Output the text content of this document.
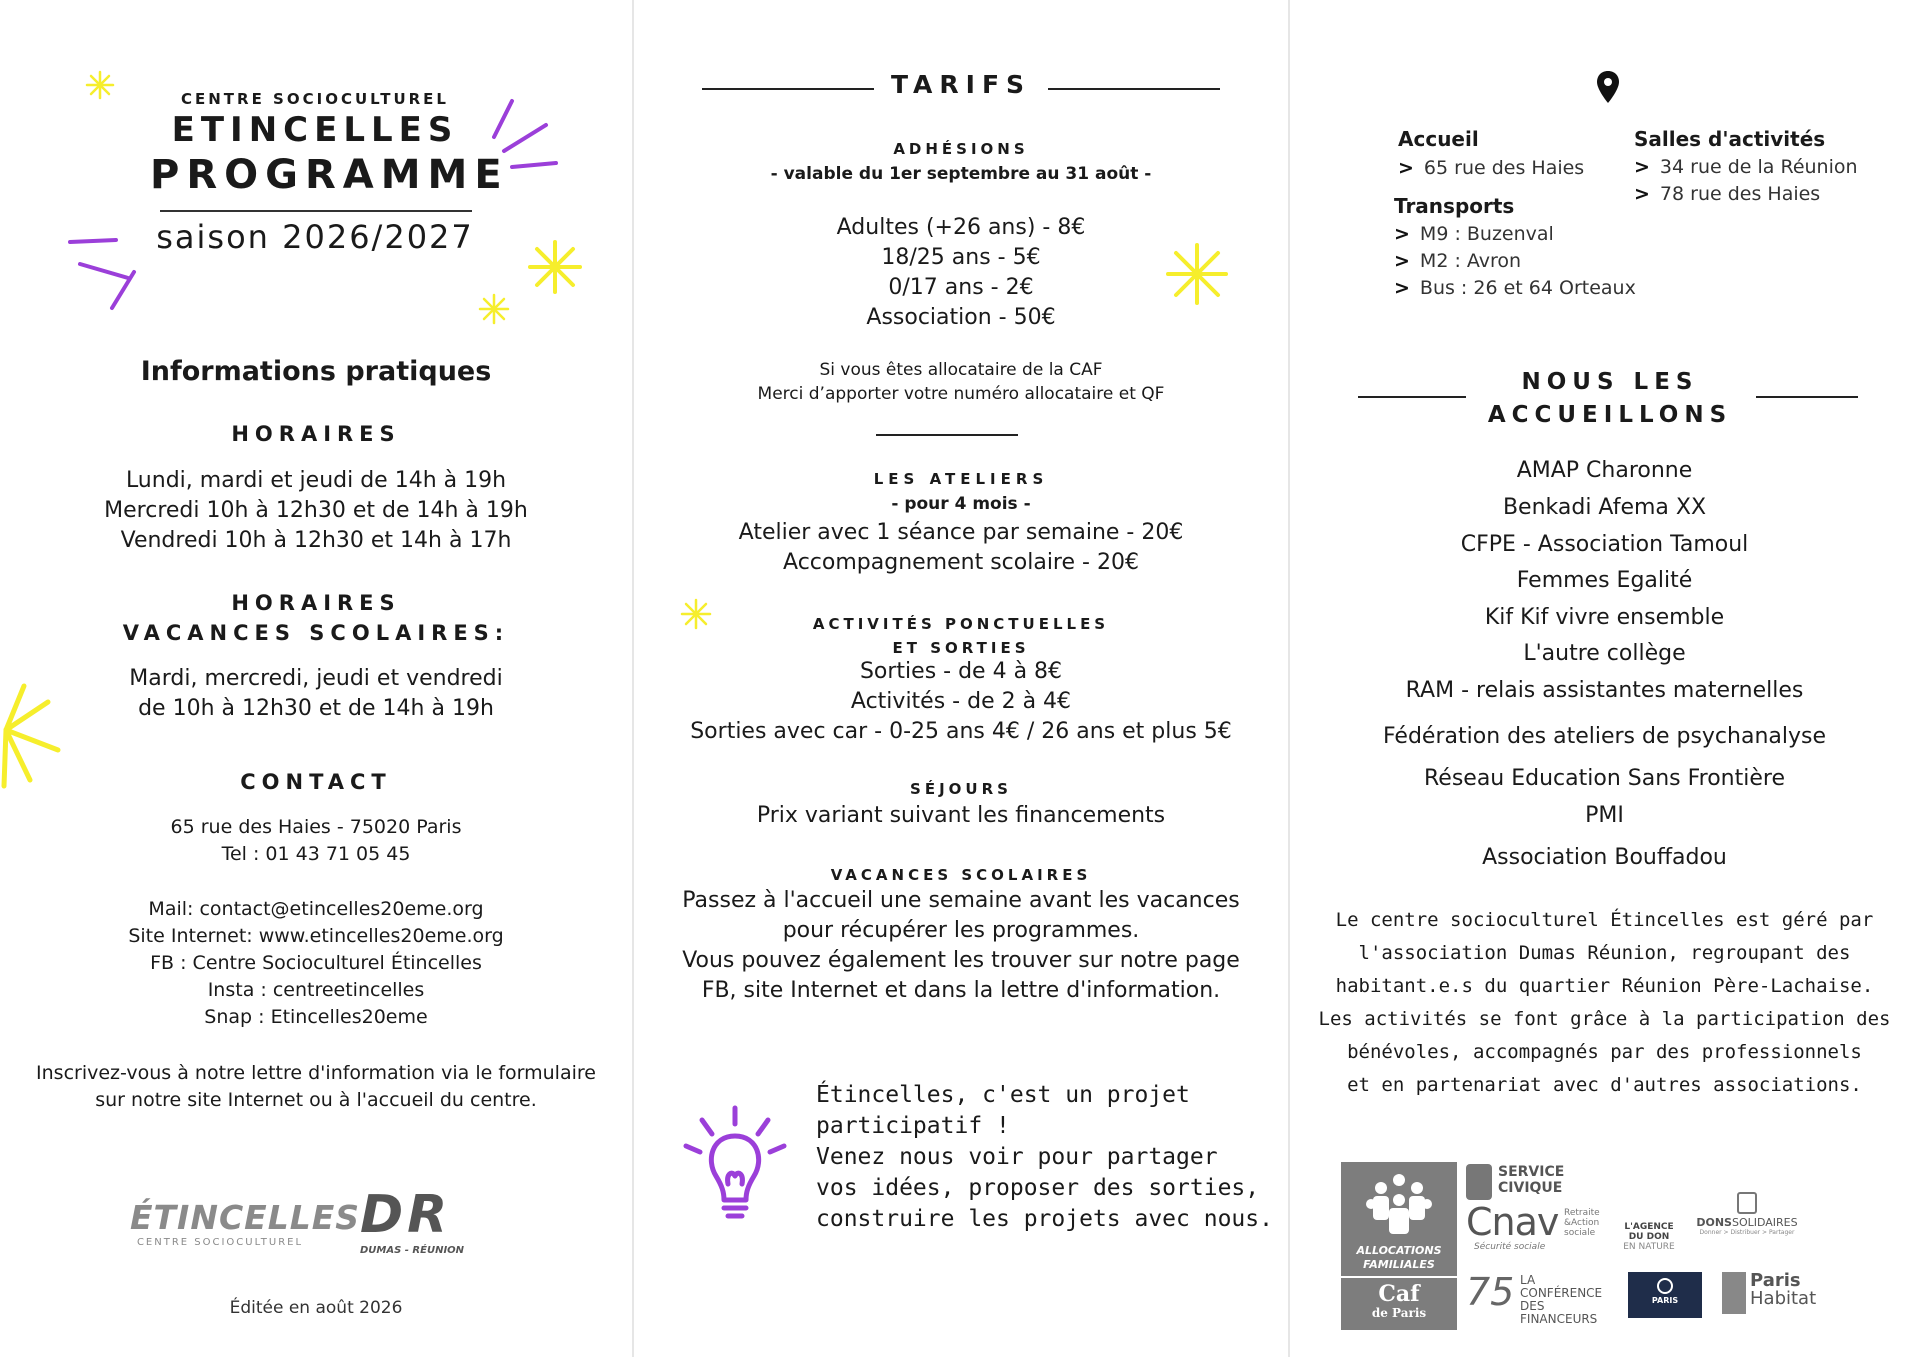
CENTRE SOCIOCULTUREL
ETINCELLES
PROGRAMME
saison 2026/2027
Informations pratiques
HORAIRES
Lundi, mardi et jeudi de 14h à 19h
Mercredi 10h à 12h30 et de 14h à 19h
Vendredi 10h à 12h30 et 14h à 17h
HORAIRES
VACANCES SCOLAIRES:
Mardi, mercredi, jeudi et vendredi
de 10h à 12h30 et de 14h à 19h
CONTACT
65 rue des Haies - 75020 Paris
Tel : 01 43 71 05 45
Mail: contact@etincelles20eme.org
Site Internet: www.etincelles20eme.org
FB : Centre Socioculturel Étincelles
Insta : centreetincelles
Snap : Etincelles20eme
Inscrivez-vous à notre lettre d'information via le formulaire
sur notre site Internet ou à l'accueil du centre.
ÉTINCELLES
CENTRE SOCIOCULTUREL DR
DUMAS - RÉUNION
Éditée en août 2026
TARIFS
ADHÉSIONS
- valable du 1er septembre au 31 août -
Adultes (+26 ans) - 8€
18/25 ans - 5€
0/17 ans - 2€
Association - 50€
Si vous êtes allocataire de la CAF
Merci d’apporter votre numéro allocataire et QF
LES ATELIERS
- pour 4 mois -
Atelier avec 1 séance par semaine - 20€
Accompagnement scolaire - 20€
ACTIVITÉS PONCTUELLES
ET SORTIES
Sorties - de 4 à 8€
Activités - de 2 à 4€
Sorties avec car - 0-25 ans 4€ / 26 ans et plus 5€
SÉJOURS
Prix variant suivant les financements
VACANCES SCOLAIRES
Passez à l'accueil une semaine avant les vacances
pour récupérer les programmes.
Vous pouvez également les trouver sur notre page
FB, site Internet et dans la lettre d'information.
Étincelles, c'est un projet
participatif !
Venez nous voir pour partager
vos idées, proposer des sorties,
construire les projets avec nous.
Accueil
> 65 rue des Haies
Transports
> M9 : Buzenval
> M2 : Avron
> Bus : 26 et 64 Orteaux
Salles d'activités
> 34 rue de la Réunion
> 78 rue des Haies
NOUS LES
ACCUEILLONS
AMAP Charonne
Benkadi Afema XX
CFPE - Association Tamoul
Femmes Egalité
Kif Kif vivre ensemble
L'autre collège
RAM - relais assistantes maternelles
Fédération des ateliers de psychanalyse
Réseau Education Sans Frontière
PMI
Association Bouffadou
Le centre socioculturel Étincelles est géré par
l'association Dumas Réunion, regroupant des
habitant.e.s du quartier Réunion Père-Lachaise.
Les activités se font grâce à la participation des
bénévoles, accompagnés par des professionnels
et en partenariat avec d'autres associations.
ALLOCATIONS
FAMILIALES
Caf
de Paris
SERVICE
CIVIQUE
Cnav Retraite
&Action
sociale
Sécurité sociale
L'AGENCE
DU DON
EN NATURE
DONSSOLIDAIRES
Donner > Distribuer > Partager
75 LA CONFÉRENCE
DES FINANCEURS
PARIS
Paris
Habitat
